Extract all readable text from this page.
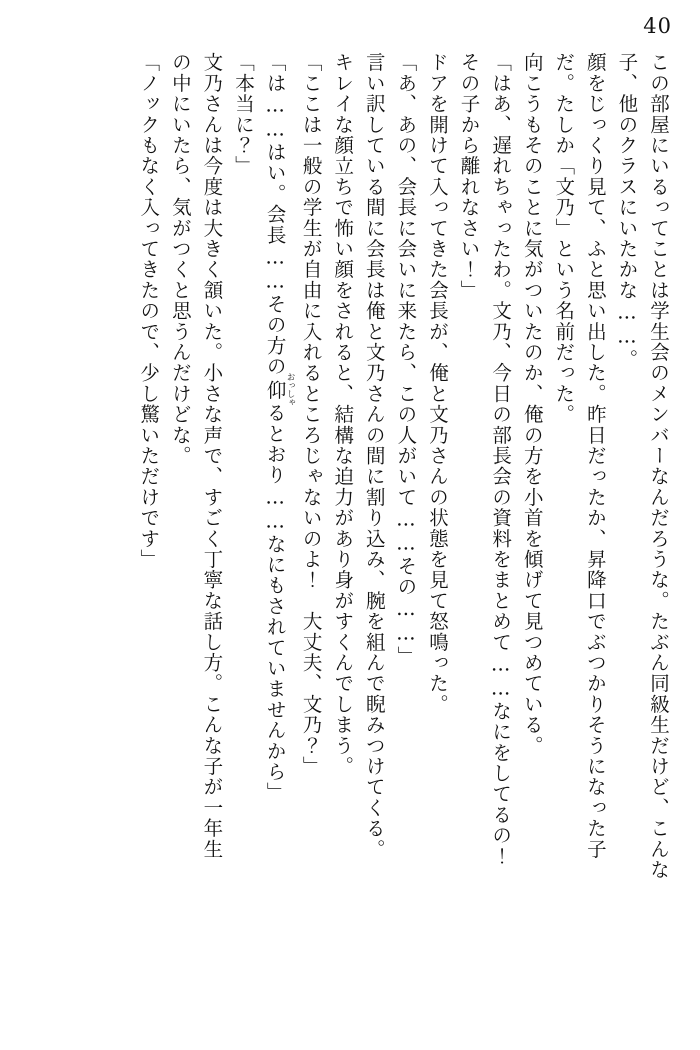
40

この部屋にいるってことは学生会のメンバーなんだろうな。たぶん同級生だけど、こんな

子、他のクラスにいたかな……。

顔をじっくり見て、ふと思い出した。昨日だったか、昇降口でぶつかりそうになった子

だ。たしか「文乃」という名前だった。

向こうもそのことに気がついたのか、俺の方を小首を傾げて見つめている。

「はあ、遅れちゃったわ。文乃、今日の部長会の資料をまとめて……なにをしてるの！

その子から離れなさい！」

ドアを開けて入ってきた会長が、俺と文乃さんの状態を見て怒鳴った。

「あ、あの、会長に会いに来たら、この人がいて……その……」

言い訳している間に会長は俺と文乃さんの間に割り込み、腕を組んで睨みつけてくる。

キレイな顔立ちで怖い顔をされると、結構な迫力があり身がすくんでしまう。

「ここは一般の学生が自由に入れるところじゃないのよ！　大丈夫、文乃？」

「は……はい。会長……その方の仰おっしゃるとおり……なにもされていませんから」

「本当に？」

文乃さんは今度は大きく頷いた。小さな声で、すごく丁寧な話し方。こんな子が一年生

の中にいたら、気がつくと思うんだけどな。

「ノックもなく入ってきたので、少し驚いただけです」
